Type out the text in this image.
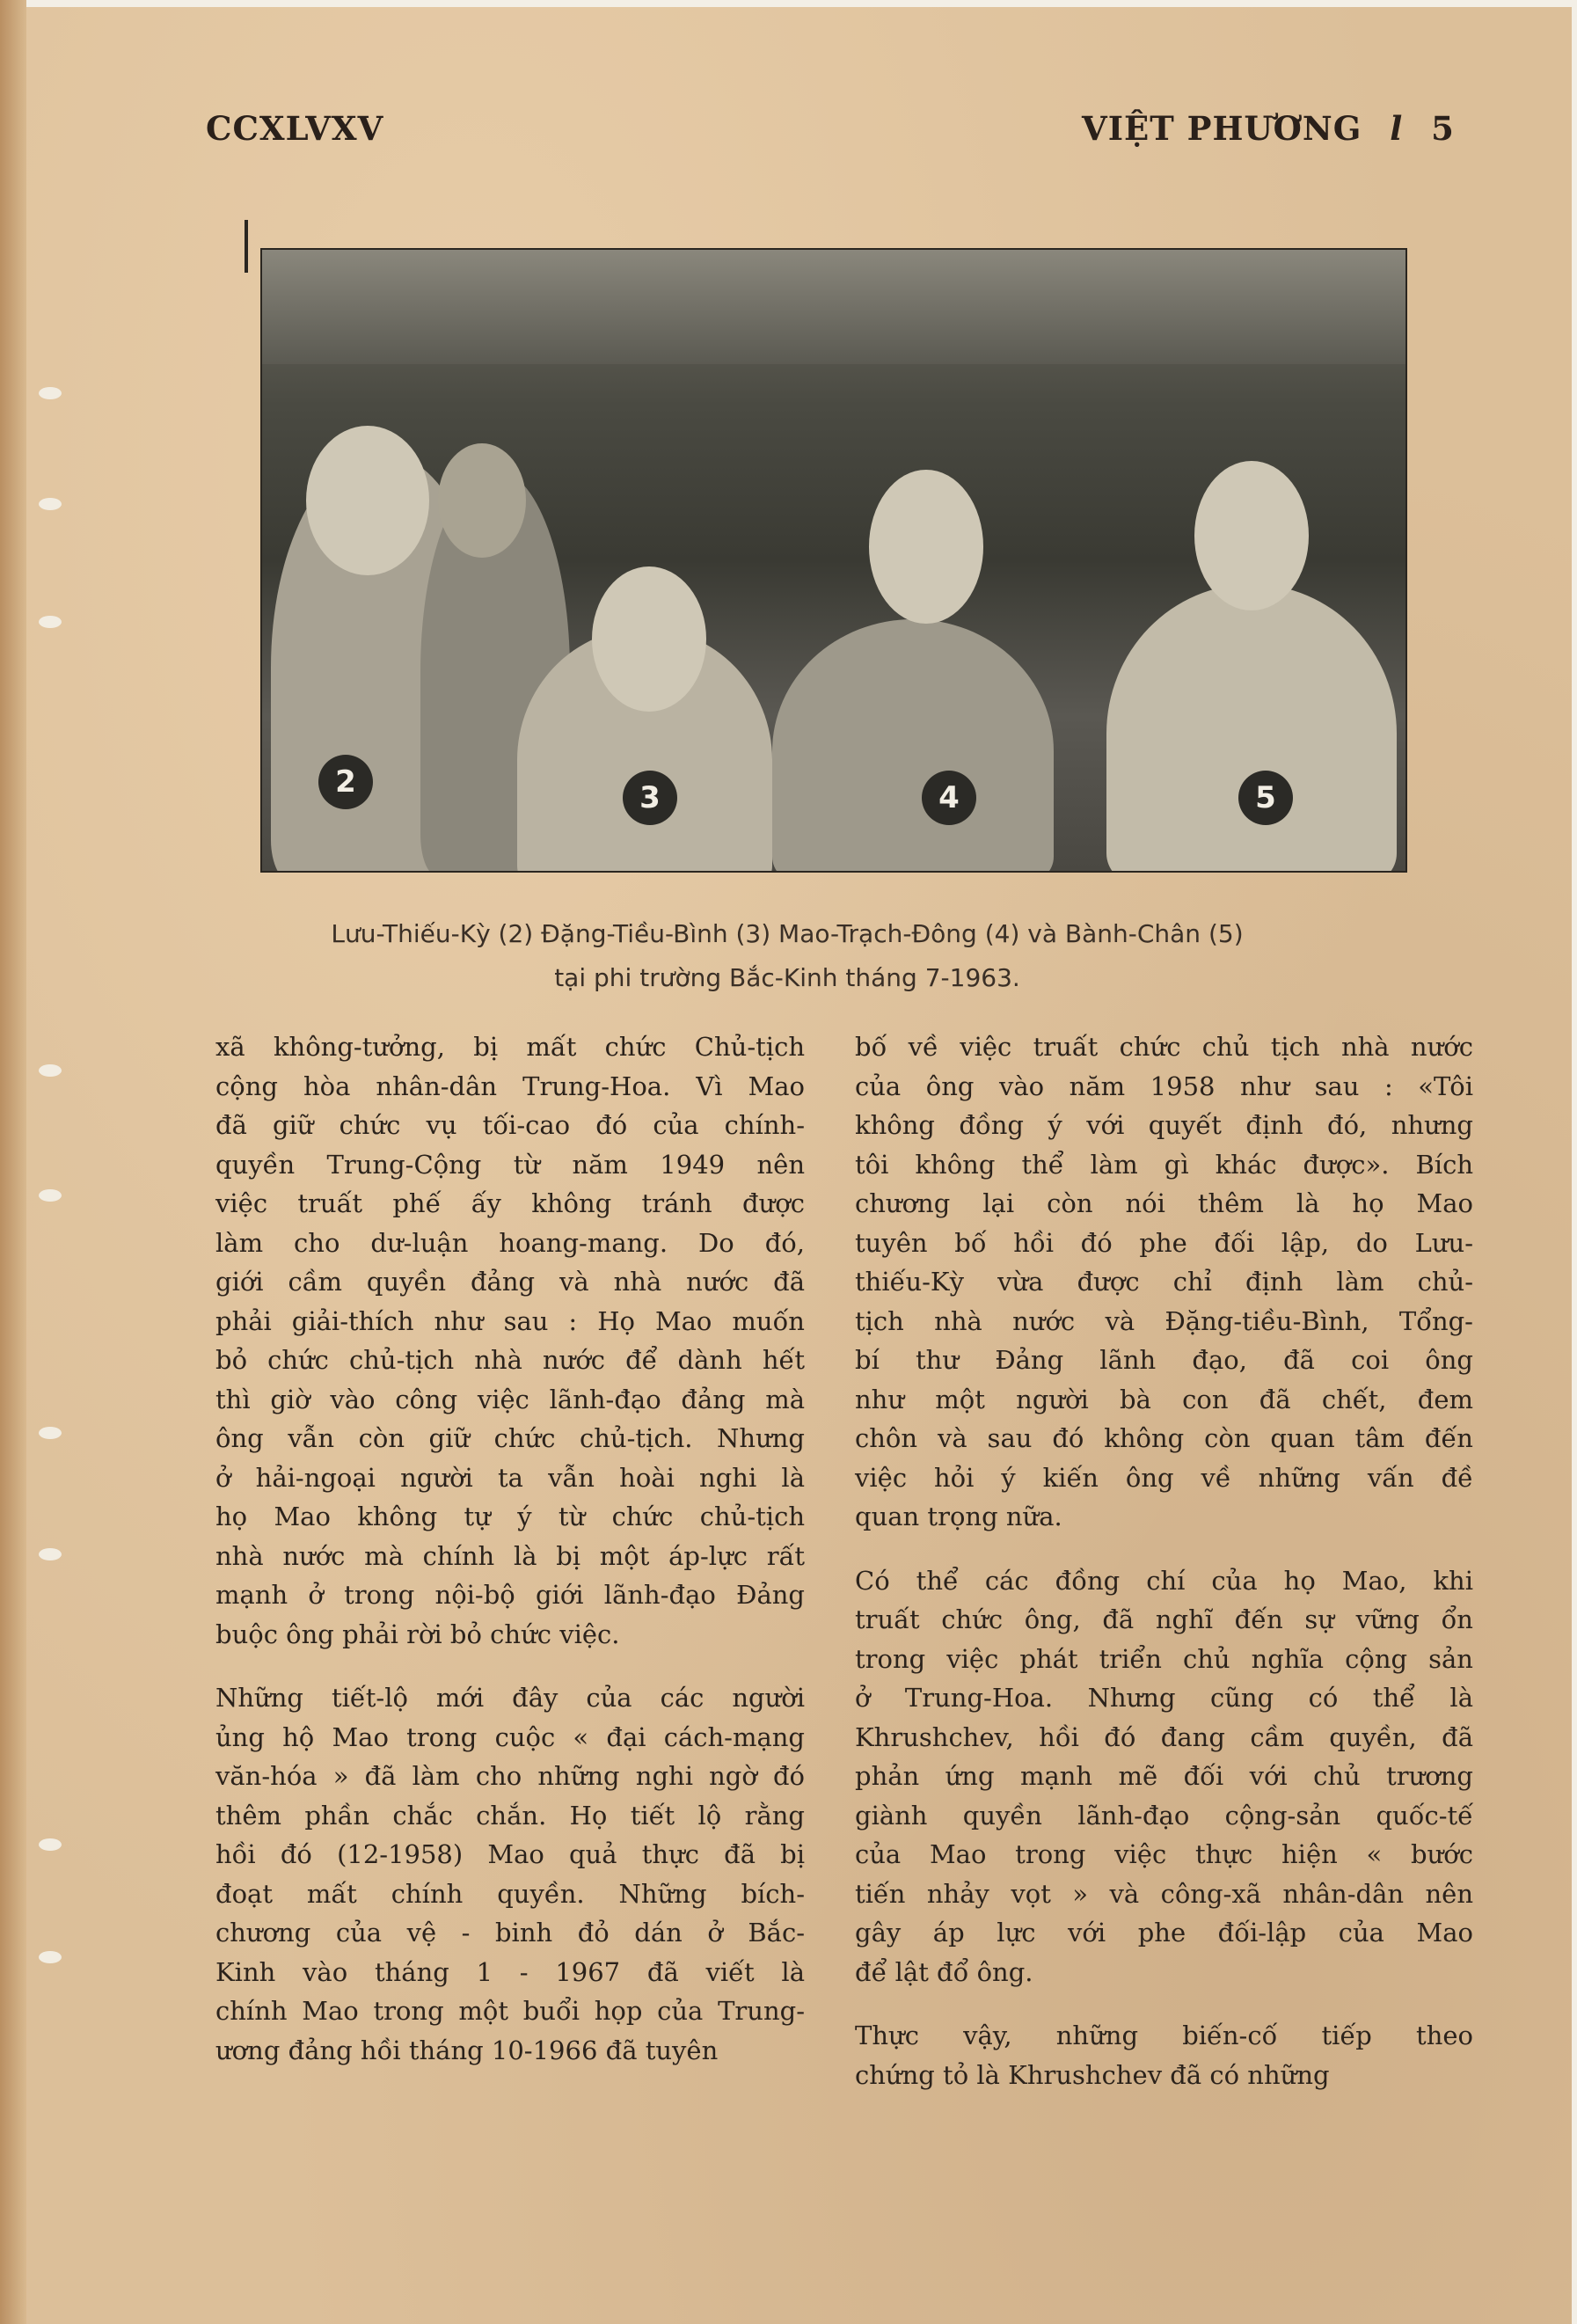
CCXLVXV	VIỆT PHƯƠNG l 5
2	3	4	5
Lưu-Thiếu-Kỳ (2) Đặng-Tiều-Bình (3) Mao-Trạch-Đông (4) và Bành-Chân (5)
tại phi trường Bắc-Kinh tháng 7-1963.

xã không-tưởng, bị mất chức Chủ-tịch
cộng hòa nhân-dân Trung-Hoa. Vì Mao
đã giữ chức vụ tối-cao đó của chính-
quyền Trung-Cộng từ năm 1949 nên
việc truất phế ấy không tránh được
làm cho dư-luận hoang-mang. Do đó,
giới cầm quyền đảng và nhà nước đã
phải giải-thích như sau : Họ Mao muốn
bỏ chức chủ-tịch nhà nước để dành hết
thì giờ vào công việc lãnh-đạo đảng mà
ông vẫn còn giữ chức chủ-tịch. Nhưng
ở hải-ngoại người ta vẫn hoài nghi là
họ Mao không tự ý từ chức chủ-tịch
nhà nước mà chính là bị một áp-lực rất
mạnh ở trong nội-bộ giới lãnh-đạo Đảng
buộc ông phải rời bỏ chức việc.

Những tiết-lộ mới đây của các người
ủng hộ Mao trong cuộc « đại cách-mạng
văn-hóa » đã làm cho những nghi ngờ đó
thêm phần chắc chắn. Họ tiết lộ rằng
hồi đó (12-1958) Mao quả thực đã bị
đoạt mất chính quyền. Những bích-
chương của vệ - binh đỏ dán ở Bắc-
Kinh vào tháng 1 - 1967 đã viết là
chính Mao trong một buổi họp của Trung-
ương đảng hồi tháng 10-1966 đã tuyên

bố về việc truất chức chủ tịch nhà nước
của ông vào năm 1958 như sau : «Tôi
không đồng ý với quyết định đó, nhưng
tôi không thể làm gì khác được». Bích
chương lại còn nói thêm là họ Mao
tuyên bố hồi đó phe đối lập, do Lưu-
thiếu-Kỳ vừa được chỉ định làm chủ-
tịch nhà nước và Đặng-tiều-Bình, Tổng-
bí thư Đảng lãnh đạo, đã coi ông
như một người bà con đã chết, đem
chôn và sau đó không còn quan tâm đến
việc hỏi ý kiến ông về những vấn đề
quan trọng nữa.

Có thể các đồng chí của họ Mao, khi
truất chức ông, đã nghĩ đến sự vững ổn
trong việc phát triển chủ nghĩa cộng sản
ở Trung-Hoa. Nhưng cũng có thể là
Khrushchev, hồi đó đang cầm quyền, đã
phản ứng mạnh mẽ đối với chủ trương
giành quyền lãnh-đạo cộng-sản quốc-tế
của Mao trong việc thực hiện « bước
tiến nhảy vọt » và công-xã nhân-dân nên
gây áp lực với phe đối-lập của Mao
để lật đổ ông.

Thực vậy, những biến-cố tiếp theo
chứng tỏ là Khrushchev đã có những
